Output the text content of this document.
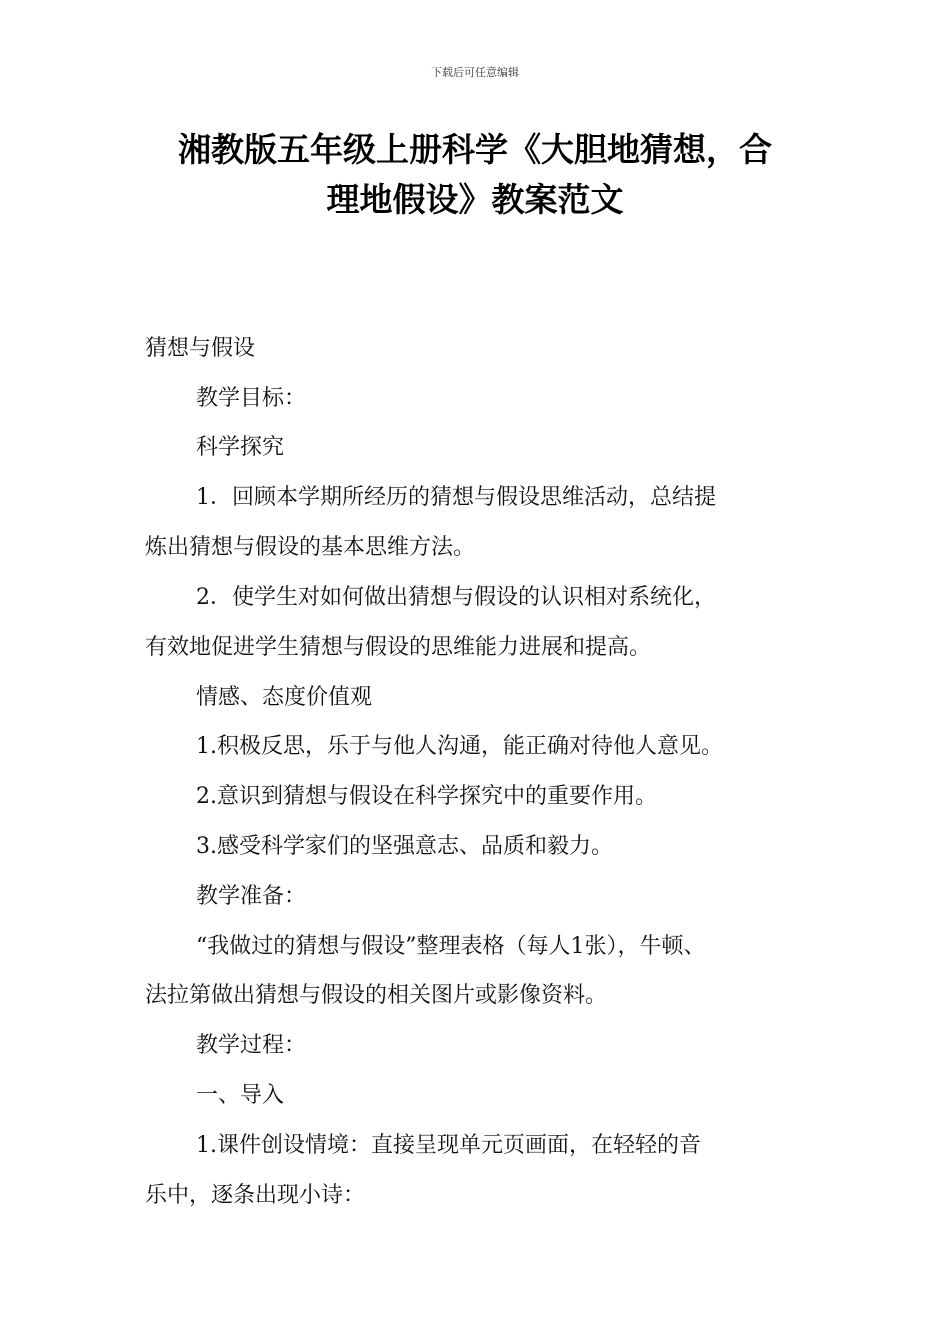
下载后可任意编辑
湘教版五年级上册科学《大胆地猜想，合
理地假设》教案范文
猜想与假设
教学目标：
科学探究
1．回顾本学期所经历的猜想与假设思维活动，总结提
炼出猜想与假设的基本思维方法。
2．使学生对如何做出猜想与假设的认识相对系统化，
有效地促进学生猜想与假设的思维能力进展和提高。
情感、态度价值观
1.积极反思，乐于与他人沟通，能正确对待他人意见。
2.意识到猜想与假设在科学探究中的重要作用。
3.感受科学家们的坚强意志、品质和毅力。
教学准备：
“我做过的猜想与假设”整理表格（每人1张），牛顿、
法拉第做出猜想与假设的相关图片或影像资料。
教学过程：
一、导入
1.课件创设情境：直接呈现单元页画面，在轻轻的音
乐中，逐条出现小诗：
